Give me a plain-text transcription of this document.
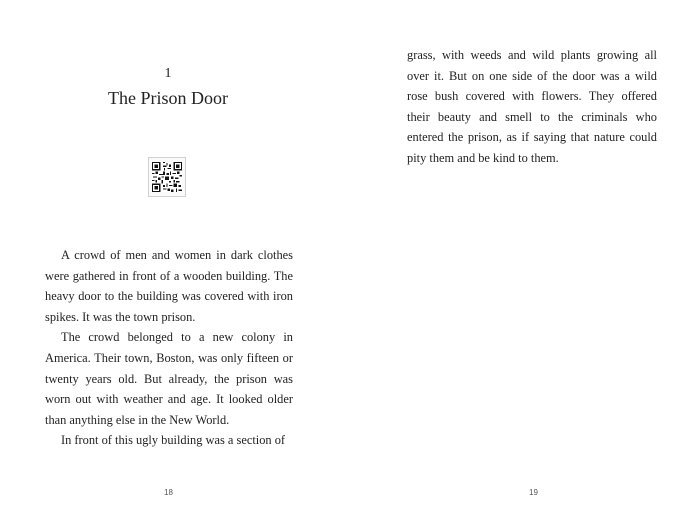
1
The Prison Door

A crowd of men and women in dark clothes were gathered in front of a wooden building. The heavy door to the building was covered with iron spikes. It was the town prison.

The crowd belonged to a new colony in America. Their town, Boston, was only fifteen or twenty years old. But already, the prison was worn out with weather and age. It looked older than anything else in the New World.

In front of this ugly building was a section of

18

grass, with weeds and wild plants growing all over it. But on one side of the door was a wild rose bush covered with flowers. They offered their beauty and smell to the criminals who entered the prison, as if saying that nature could pity them and be kind to them.

19
